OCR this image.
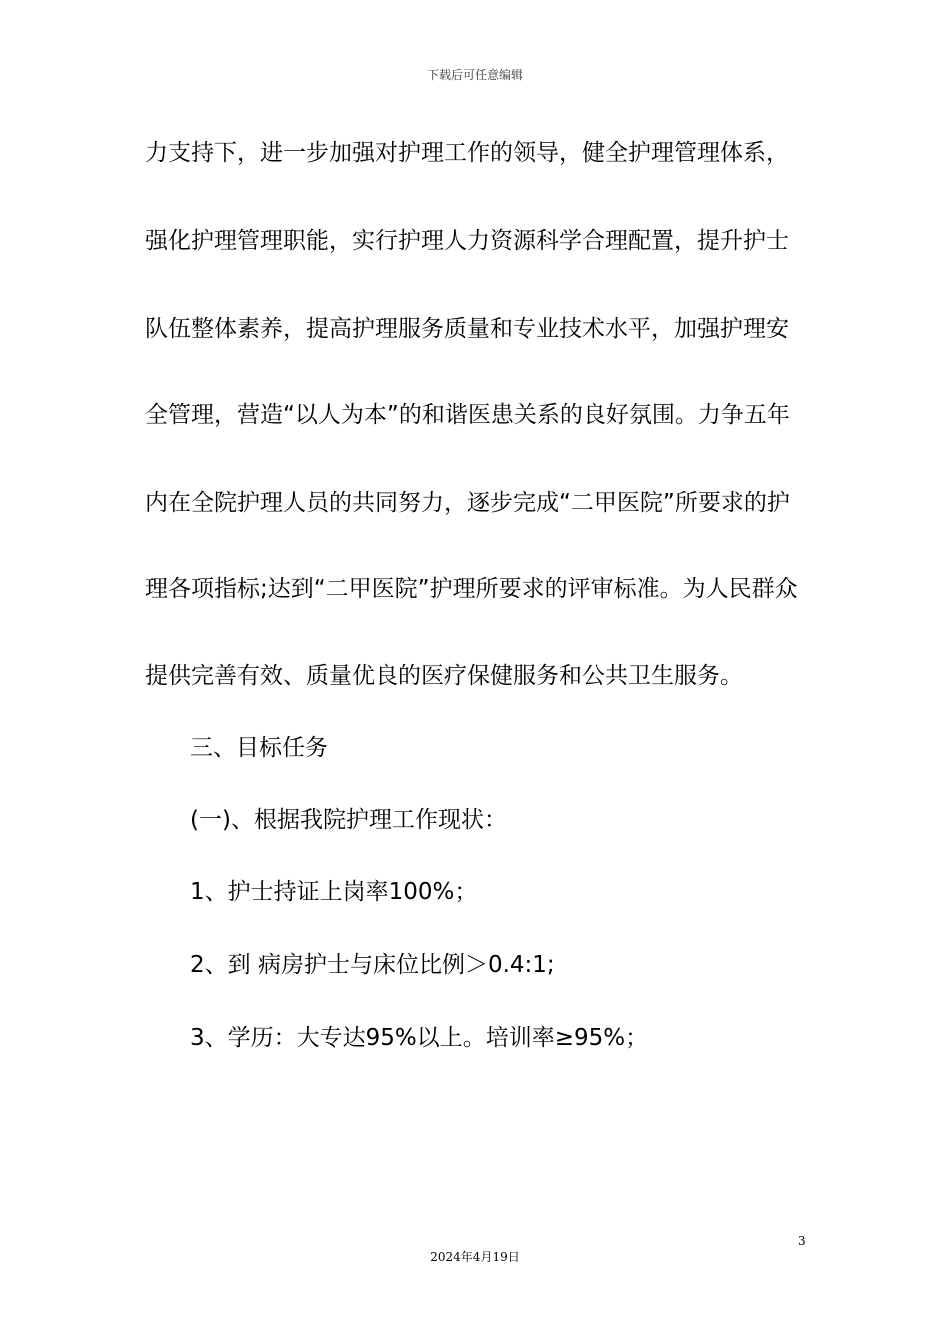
下载后可任意编辑
力支持下，进一步加强对护理工作的领导，健全护理管理体系，
强化护理管理职能，实行护理人力资源科学合理配置，提升护士
队伍整体素养，提高护理服务质量和专业技术水平，加强护理安
全管理，营造“以人为本”的和谐医患关系的良好氛围。力争五年
内在全院护理人员的共同努力，逐步完成“二甲医院”所要求的护
理各项指标;达到“二甲医院”护理所要求的评审标准。为人民群众
提供完善有效、质量优良的医疗保健服务和公共卫生服务。
三、目标任务
(一)、根据我院护理工作现状：
1、护士持证上岗率100%；
2、到 病房护士与床位比例＞0.4:1;
3、学历：大专达95%以上。培训率≥95%；
3
2024年4月19日
